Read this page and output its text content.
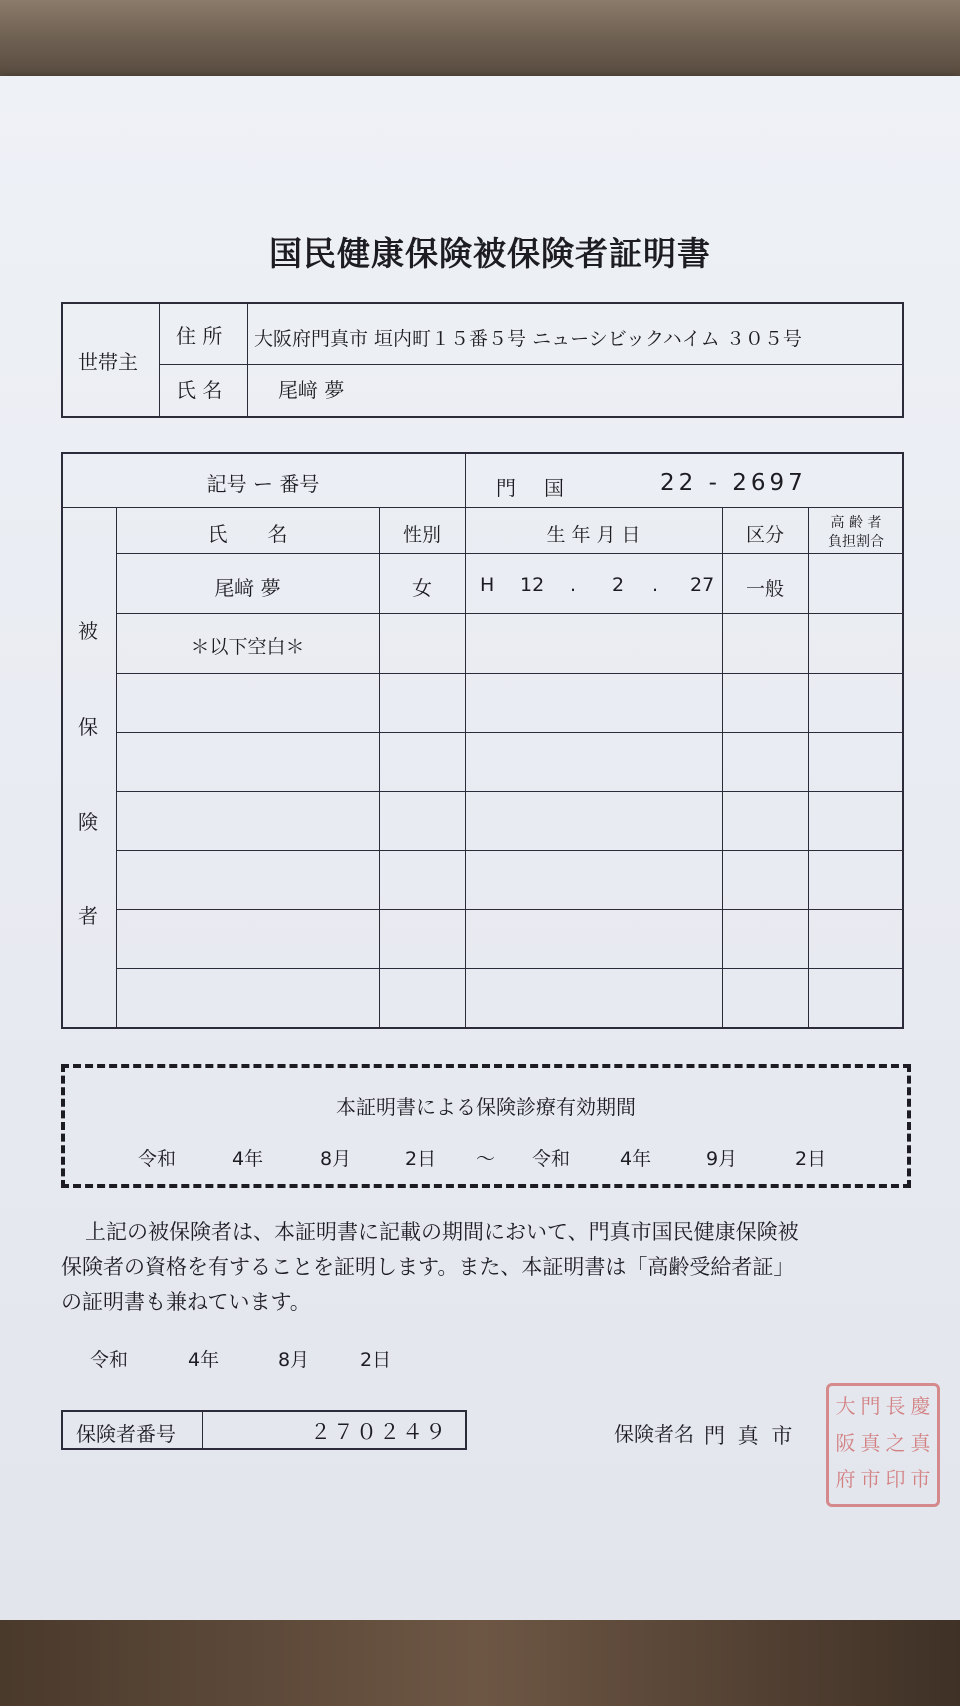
国民健康保険被保険者証明書
世帯主
住 所 大阪府門真市 垣内町１５番５号 ニューシビックハイム ３０５号
氏 名	尾﨑 夢
記号 ー 番号	門 国	22 - 2697
被
保
険
者
氏　　名	性別	生 年 月 日	区分
高 齢 者
負担割合
尾﨑 夢	女	H 12 . 2 . 27	一般
＊以下空白＊
本証明書による保険診療有効期間
令和	4年	8月	2日 ～ 令和	4年	9月	2日
上記の被保険者は、本証明書に記載の期間において、門真市国民健康保険被
保険者の資格を有することを証明します。また、本証明書は「高齢受給者証」
の証明書も兼ねています。
令和	4年	8月	2日
保険者番号	２７０２４９	保険者名 門 真 市
大 門 長 慶
阪 真 之 真
府 市 印 市
